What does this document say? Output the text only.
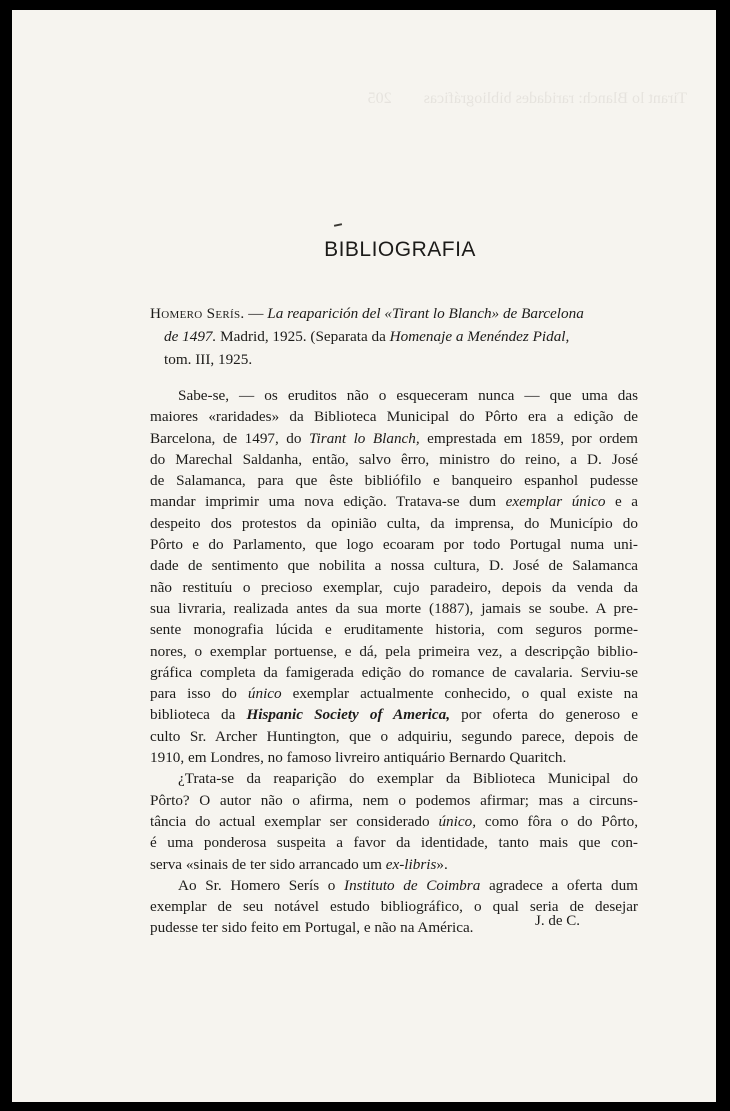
Tirant lo Blanch: raridades bibliográficas        205
BIBLIOGRAFIA
Homero Serís. — La reaparición del «Tirant lo Blanch» de Barcelona
de 1497. Madrid, 1925. (Separata da Homenaje a Menéndez Pidal,
tom. III, 1925.

Sabe-se, — os eruditos não o esqueceram nunca — que uma das
maiores «raridades» da Biblioteca Municipal do Pôrto era a edição de
Barcelona, de 1497, do Tirant lo Blanch, emprestada em 1859, por ordem
do Marechal Saldanha, então, salvo êrro, ministro do reino, a D. José
de Salamanca, para que êste bibliófilo e banqueiro espanhol pudesse
mandar imprimir uma nova edição. Tratava-se dum exemplar único e a
despeito dos protestos da opinião culta, da imprensa, do Município do
Pôrto e do Parlamento, que logo ecoaram por todo Portugal numa uni-
dade de sentimento que nobilita a nossa cultura, D. José de Salamanca
não restituíu o precioso exemplar, cujo paradeiro, depois da venda da
sua livraria, realizada antes da sua morte (1887), jamais se soube. A pre-
sente monografia lúcida e eruditamente historia, com seguros porme-
nores, o exemplar portuense, e dá, pela primeira vez, a descripção biblio-
gráfica completa da famigerada edição do romance de cavalaria. Serviu-se
para isso do único exemplar actualmente conhecido, o qual existe na
biblioteca da Hispanic Society of America, por oferta do generoso e
culto Sr. Archer Huntington, que o adquiriu, segundo parece, depois de
1910, em Londres, no famoso livreiro antiquário Bernardo Quaritch.

¿Trata-se da reaparição do exemplar da Biblioteca Municipal do
Pôrto? O autor não o afirma, nem o podemos afirmar; mas a circuns-
tância do actual exemplar ser considerado único, como fôra o do Pôrto,
é uma ponderosa suspeita a favor da identidade, tanto mais que con-
serva «sinais de ter sido arrancado um ex-libris».

Ao Sr. Homero Serís o Instituto de Coimbra agradece a oferta dum
exemplar de seu notável estudo bibliográfico, o qual seria de desejar
pudesse ter sido feito em Portugal, e não na América.	J. de C.
